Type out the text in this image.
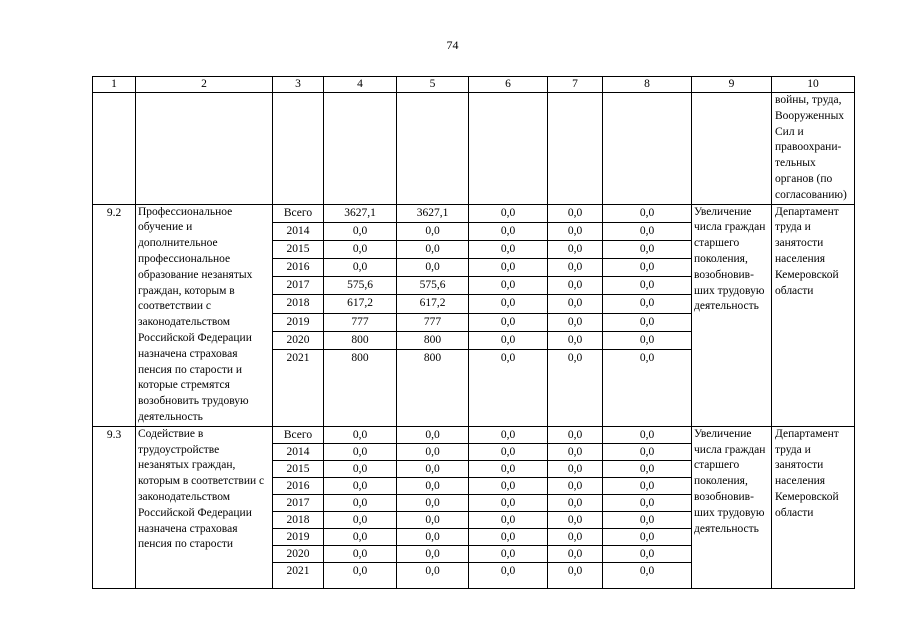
74
1	2	3	4	5	6	7	8	9	10
									войны, труда, Вооруженных Сил и правоохрани-тельных органов (по согласованию)
9.2	Профессиональное обучение и дополнительное профессиональное образование незанятых граждан, которым в соответствии с законодательством Российской Федерации назначена страховая пенсия по старости и которые стремятся возобновить трудовую деятельность	Всего	3627,1	3627,1	0,0	0,0	0,0	Увеличение числа граждан старшего поколения, возобновив-ших трудовую деятельность	Департамент труда и занятости населения Кемеровской области
		2014	0,0	0,0	0,0	0,0	0,0		
		2015	0,0	0,0	0,0	0,0	0,0		
		2016	0,0	0,0	0,0	0,0	0,0		
		2017	575,6	575,6	0,0	0,0	0,0		
		2018	617,2	617,2	0,0	0,0	0,0		
		2019	777	777	0,0	0,0	0,0		
		2020	800	800	0,0	0,0	0,0		
		2021	800	800	0,0	0,0	0,0		
9.3	Содействие в трудоустройстве незанятых граждан, которым в соответствии с законодательством Российской Федерации назначена страховая пенсия по старости	Всего	0,0	0,0	0,0	0,0	0,0	Увеличение числа граждан старшего поколения, возобновив-ших трудовую деятельность	Департамент труда и занятости населения Кемеровской области
		2014	0,0	0,0	0,0	0,0	0,0		
		2015	0,0	0,0	0,0	0,0	0,0		
		2016	0,0	0,0	0,0	0,0	0,0		
		2017	0,0	0,0	0,0	0,0	0,0		
		2018	0,0	0,0	0,0	0,0	0,0		
		2019	0,0	0,0	0,0	0,0	0,0		
		2020	0,0	0,0	0,0	0,0	0,0		
		2021	0,0	0,0	0,0	0,0	0,0		
